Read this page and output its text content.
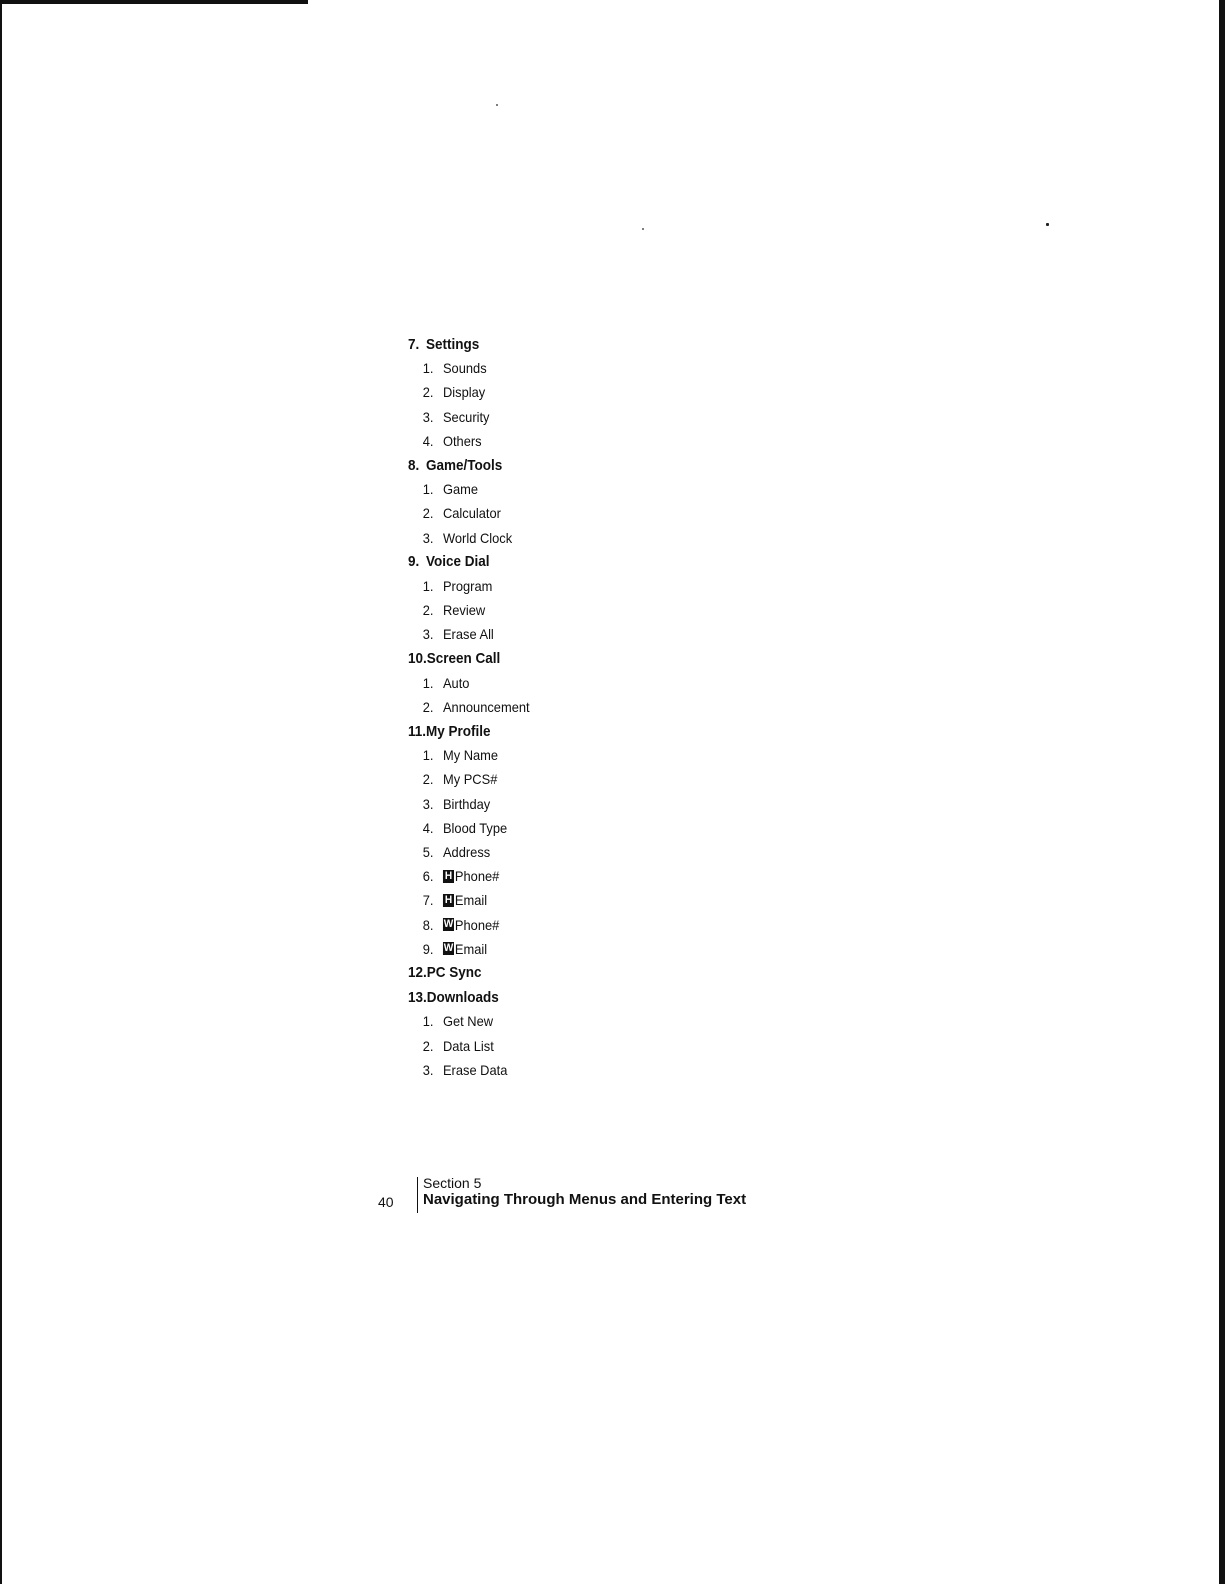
7. Settings
1. Sounds
2. Display
3. Security
4. Others
8. Game/Tools
1. Game
2. Calculator
3. World Clock
9. Voice Dial
1. Program
2. Review
3. Erase All
10. Screen Call
1. Auto
2. Announcement
11. My Profile
1. My Name
2. My PCS#
3. Birthday
4. Blood Type
5. Address
6.	H Phone#
7.	H Email
8. W Phone#
9. W Email
12. PC Sync
13. Downloads
1. Get New
2. Data List
3. Erase Data
40
Section 5
Navigating Through Menus and Entering Text
